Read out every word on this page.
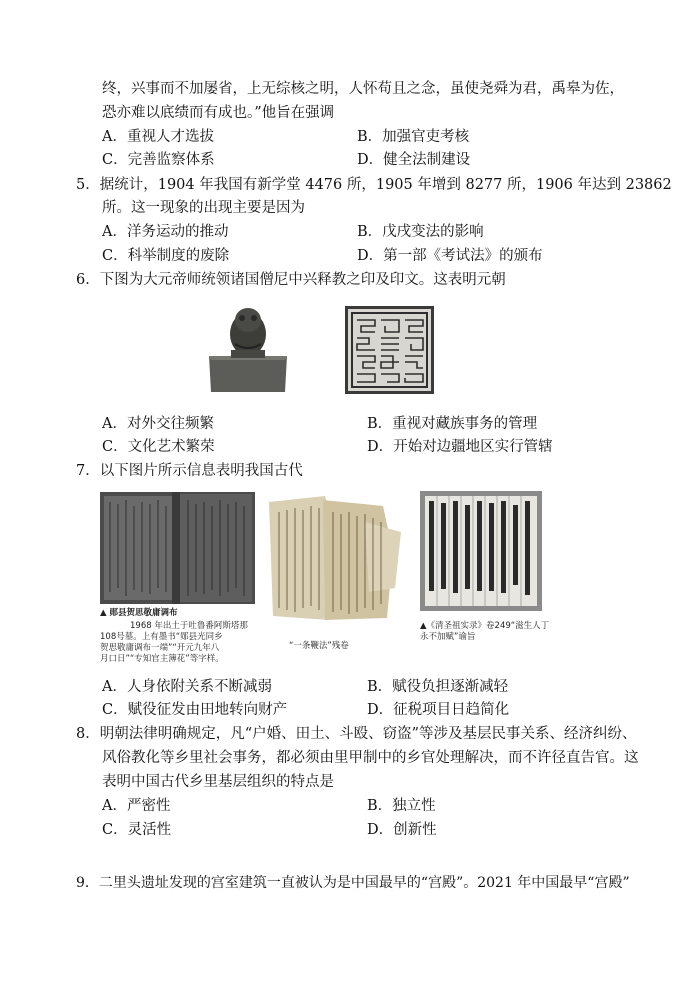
终，兴事而不加屡省，上无综核之明，人怀苟且之念，虽使尧舜为君，禹皋为佐，
恐亦难以底绩而有成也。”他旨在强调
A．重视人才选拔	B．加强官吏考核
C．完善监察体系	D．健全法制建设
5．据统计，1904 年我国有新学堂 4476 所，1905 年增到 8277 所，1906 年达到 23862
所。这一现象的出现主要是因为
A．洋务运动的推动	B．戊戌变法的影响
C．科举制度的废除	D．第一部《考试法》的颁布
6．下图为大元帝师统领诸国僧尼中兴释教之印及印文。这表明元朝
A．对外交往频繁	B．重视对藏族事务的管理
C．文化艺术繁荣	D．开始对边疆地区实行管辖
7．以下图片所示信息表明我国古代
▲ 郧县贺思敬庸调布
1968 年出土于吐鲁番阿斯塔那
108号墓。上有墨书“郧县光同乡
贺思敬庸调布一端”“开元九年八
月口日”“专知官主簿花”等字样。
“一条鞭法”残卷
▲《清圣祖实录》卷249“滋生人丁
永不加赋”谕旨
A．人身依附关系不断减弱	B．赋役负担逐渐减轻
C．赋役征发由田地转向财产	D．征税项目日趋简化
8．明朝法律明确规定，凡“户婚、田土、斗殴、窃盗”等涉及基层民事关系、经济纠纷、
风俗教化等乡里社会事务，都必须由里甲制中的乡官处理解决，而不许径直告官。这
表明中国古代乡里基层组织的特点是
A．严密性	B．独立性
C．灵活性	D．创新性
9．二里头遗址发现的宫室建筑一直被认为是中国最早的“宫殿”。2021 年中国最早“宫殿”
